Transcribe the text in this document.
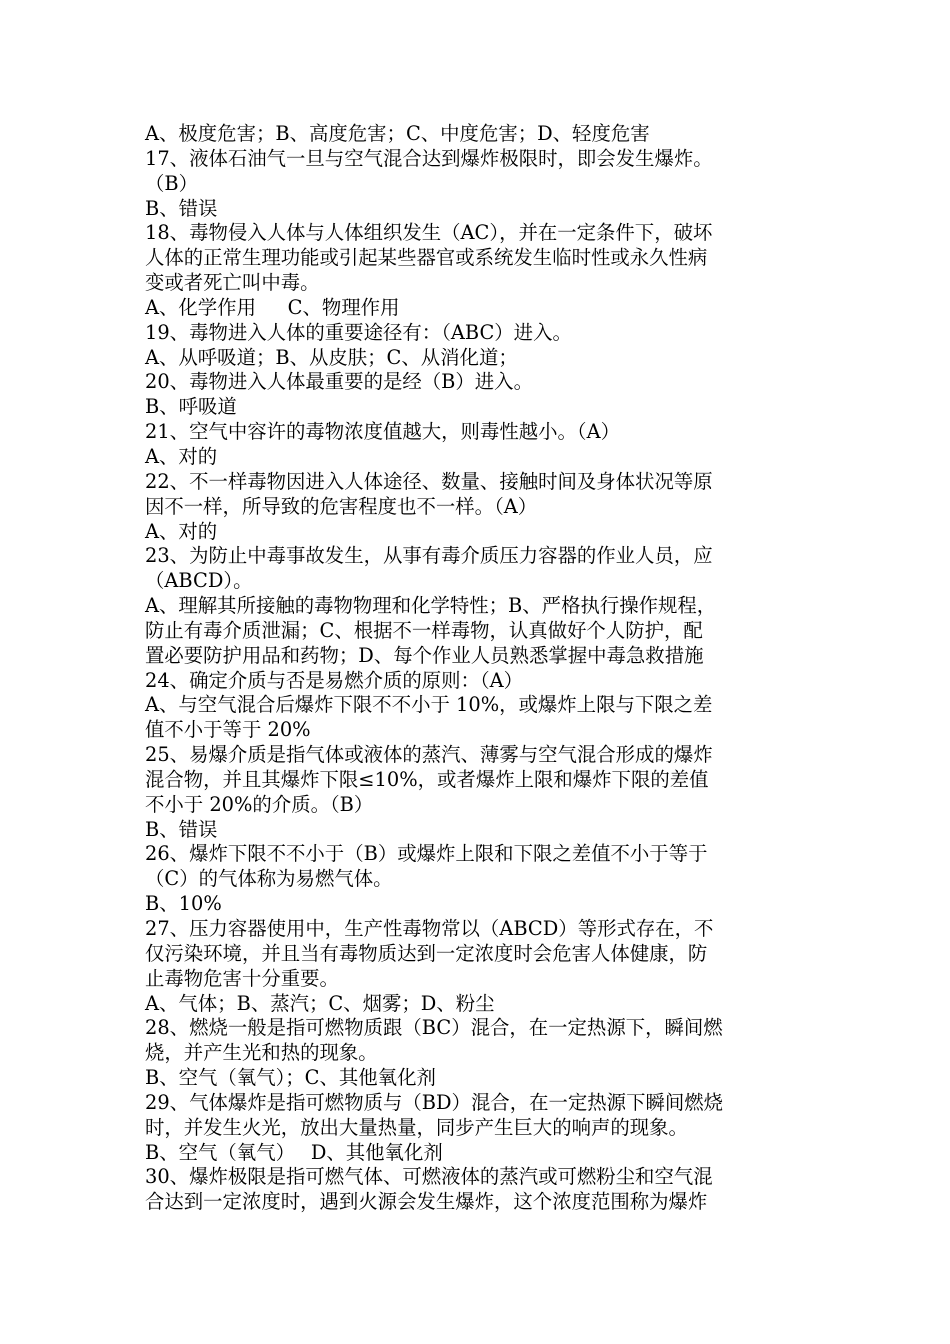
A、极度危害；B、高度危害；C、中度危害；D、轻度危害
17、液体石油气一旦与空气混合达到爆炸极限时，即会发生爆炸。
（B）
B、错误
18、毒物侵入人体与人体组织发生（AC），并在一定条件下，破坏
人体的正常生理功能或引起某些器官或系统发生临时性或永久性病
变或者死亡叫中毒。
A、化学作用　  C、物理作用
19、毒物进入人体的重要途径有：（ABC）进入。
A、从呼吸道；B、从皮肤；C、从消化道；
20、毒物进入人体最重要的是经（B）进入。
B、呼吸道
21、空气中容许的毒物浓度值越大，则毒性越小。（A）
A、对的
22、不一样毒物因进入人体途径、数量、接触时间及身体状况等原
因不一样，所导致的危害程度也不一样。（A）
A、对的
23、为防止中毒事故发生，从事有毒介质压力容器的作业人员，应
（ABCD）。
A、理解其所接触的毒物物理和化学特性；B、严格执行操作规程，
防止有毒介质泄漏；C、根据不一样毒物，认真做好个人防护，配
置必要防护用品和药物；D、每个作业人员熟悉掌握中毒急救措施
24、确定介质与否是易燃介质的原则：（A）
A、与空气混合后爆炸下限不不小于 10%，或爆炸上限与下限之差
值不小于等于 20%
25、易爆介质是指气体或液体的蒸汽、薄雾与空气混合形成的爆炸
混合物，并且其爆炸下限≤10%，或者爆炸上限和爆炸下限的差值
不小于 20%的介质。（B）
B、错误
26、爆炸下限不不小于（B）或爆炸上限和下限之差值不小于等于
（C）的气体称为易燃气体。
B、10%
27、压力容器使用中，生产性毒物常以（ABCD）等形式存在，不
仅污染环境，并且当有毒物质达到一定浓度时会危害人体健康，防
止毒物危害十分重要。
A、气体；B、蒸汽；C、烟雾；D、粉尘
28、燃烧一般是指可燃物质跟（BC）混合，在一定热源下，瞬间燃
烧，并产生光和热的现象。
B、空气（氧气）；C、其他氧化剂
29、气体爆炸是指可燃物质与（BD）混合，在一定热源下瞬间燃烧
时，并发生火光，放出大量热量，同步产生巨大的响声的现象。
B、空气（氧气）　 D、其他氧化剂
30、爆炸极限是指可燃气体、可燃液体的蒸汽或可燃粉尘和空气混
合达到一定浓度时，遇到火源会发生爆炸，这个浓度范围称为爆炸
